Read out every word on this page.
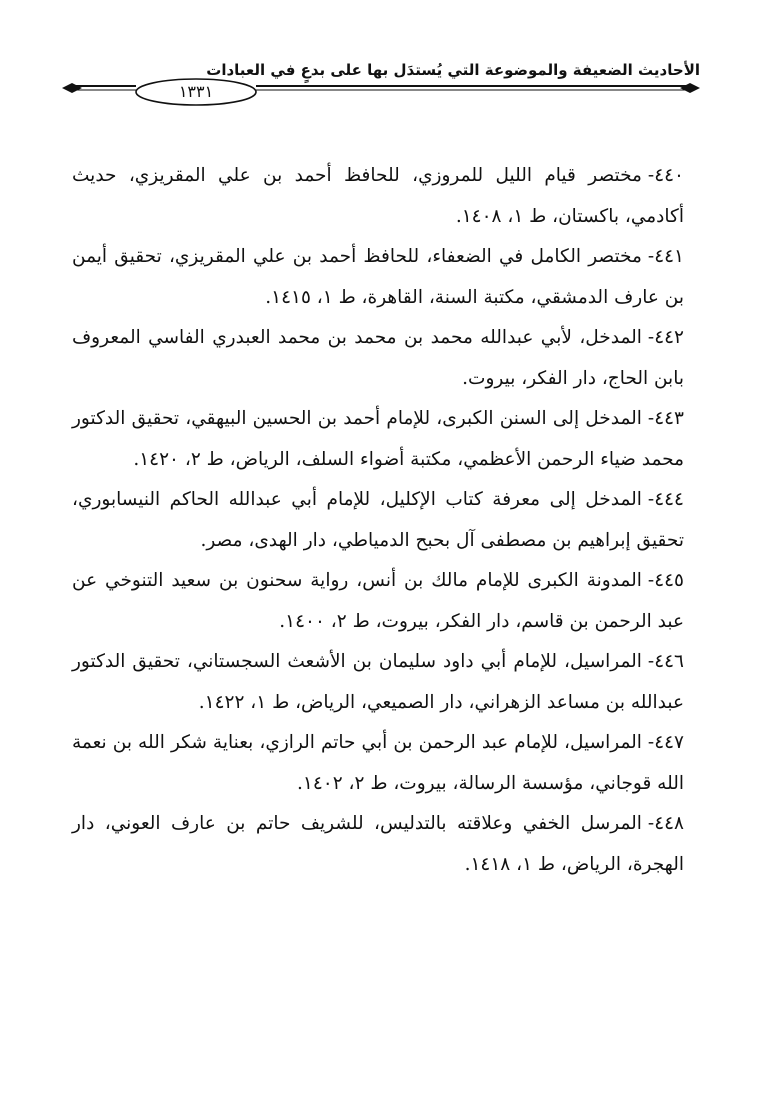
الأحاديث الضعيفة والموضوعة التي يُستدَل بها على بدعٍ في العبادات
١٣٣١

٤٤٠-مختصر قيام الليل للمروزي، للحافظ أحمد بن علي المقريزي، حديث أكادمي، باكستان، ط ١، ١٤٠٨.

٤٤١-مختصر الكامل في الضعفاء، للحافظ أحمد بن علي المقريزي، تحقيق أيمن بن عارف الدمشقي، مكتبة السنة، القاهرة، ط ١، ١٤١٥.

٤٤٢-المدخل، لأبي عبدالله محمد بن محمد بن محمد العبدري الفاسي المعروف بابن الحاج، دار الفكر، بيروت.

٤٤٣-المدخل إلى السنن الكبرى، للإمام أحمد بن الحسين البيهقي، تحقيق الدكتور محمد ضياء الرحمن الأعظمي، مكتبة أضواء السلف، الرياض، ط ٢، ١٤٢٠.

٤٤٤-المدخل إلى معرفة كتاب الإكليل، للإمام أبي عبدالله الحاكم النيسابوري، تحقيق إبراهيم بن مصطفى آل بحبح الدمياطي، دار الهدى، مصر.

٤٤٥-المدونة الكبرى للإمام مالك بن أنس، رواية سحنون بن سعيد التنوخي عن عبد الرحمن بن قاسم، دار الفكر، بيروت، ط ٢، ١٤٠٠.

٤٤٦-المراسيل، للإمام أبي داود سليمان بن الأشعث السجستاني، تحقيق الدكتور عبدالله بن مساعد الزهراني، دار الصميعي، الرياض، ط ١، ١٤٢٢.

٤٤٧-المراسيل، للإمام عبد الرحمن بن أبي حاتم الرازي، بعناية شكر الله بن نعمة الله قوجاني، مؤسسة الرسالة، بيروت، ط ٢، ١٤٠٢.

٤٤٨-المرسل الخفي وعلاقته بالتدليس، للشريف حاتم بن عارف العوني، دار الهجرة، الرياض، ط ١، ١٤١٨.
